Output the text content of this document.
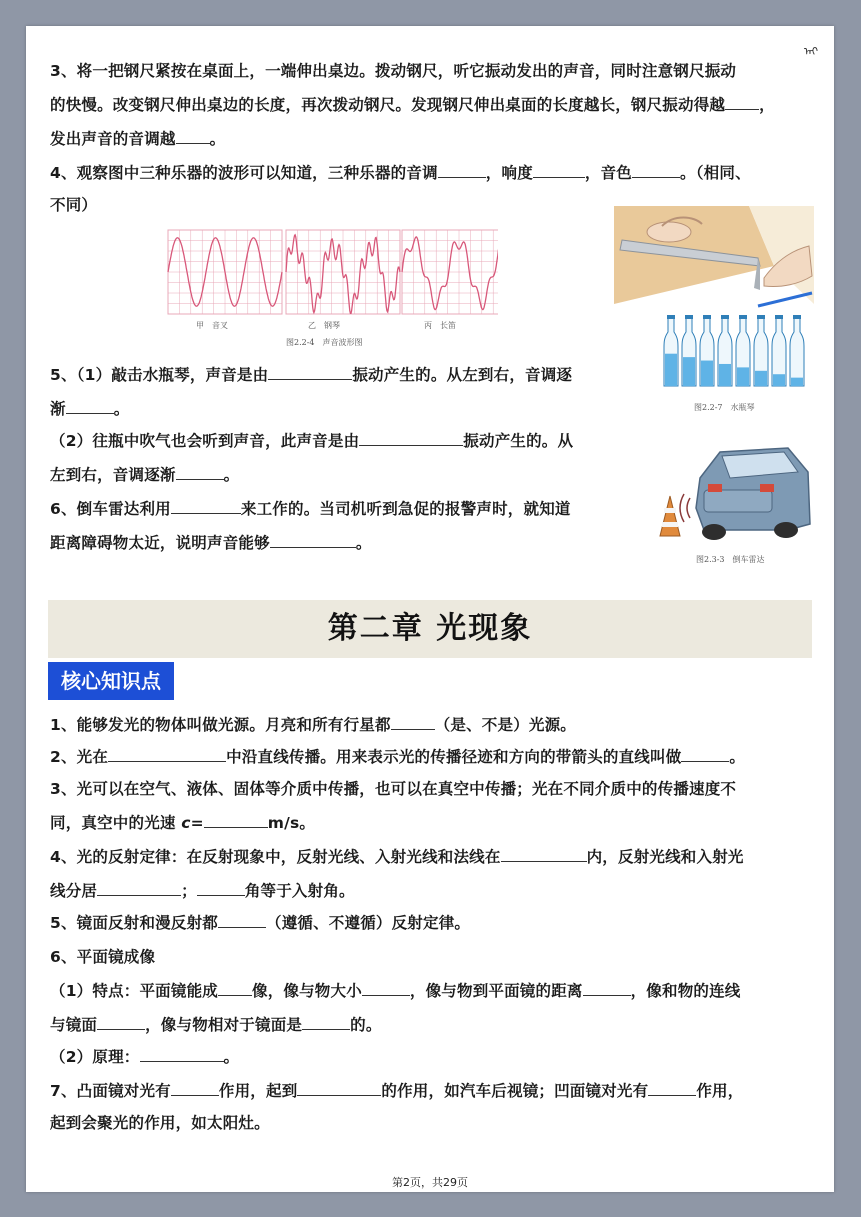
ᠠᠢ
3、将一把钢尺紧按在桌面上，一端伸出桌边。拨动钢尺，听它振动发出的声音，同时注意钢尺振动
的快慢。改变钢尺伸出桌边的长度，再次拨动钢尺。发现钢尺伸出桌面的长度越长，钢尺振动得越 ，
发出声音的音调越 。
4、观察图中三种乐器的波形可以知道，三种乐器的音调	，响度	，音色	。（相同、
不同）
甲　音叉	乙　钢琴	丙　长笛
图2.2-4　声音波形图
图2.2-7　水瓶琴
5、（1）敲击水瓶琴，声音是由	振动产生的。从左到右，音调逐
渐	。
（2）往瓶中吹气也会听到声音，此声音是由	振动产生的。从
左到右，音调逐渐	。
图2.3-3　倒车雷达
6、倒车雷达利用	来工作的。当司机听到急促的报警声时，就知道
距离障碍物太近，说明声音能够	。
第二章 光现象
核心知识点
1、能够发光的物体叫做光源。月亮和所有行星都	（是、不是）光源。
2、光在	中沿直线传播。用来表示光的传播径迹和方向的带箭头的直线叫做	。
3、光可以在空气、液体、固体等介质中传播，也可以在真空中传播；光在不同介质中的传播速度不
同，真空中的光速 c=	m/s。
4、光的反射定律：在反射现象中，反射光线、入射光线和法线在	内，反射光线和入射光
线分居	；	角等于入射角。
5、镜面反射和漫反射都	（遵循、不遵循）反射定律。
6、平面镜成像
（1）特点：平面镜能成 像，像与物大小	，像与物到平面镜的距离	，像和物的连线
与镜面	，像与物相对于镜面是	的。
（2）原理：	。
7、凸面镜对光有	作用，起到	的作用，如汽车后视镜；凹面镜对光有	作用，
起到会聚光的作用，如太阳灶。
第2页，共29页
